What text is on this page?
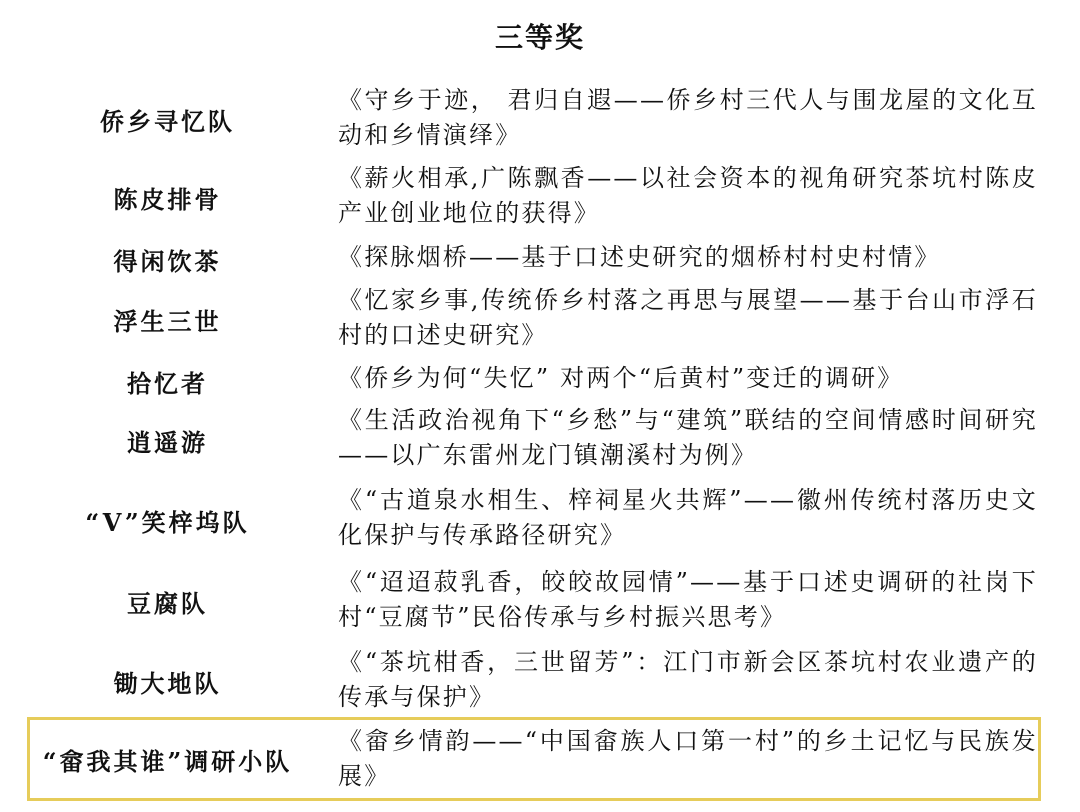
三等奖
侨乡寻忆队
《守乡于迹， 君归自遐——侨乡村三代人与围龙屋的文化互动和乡情演绎》
陈皮排骨
《薪火相承,广陈飘香——以社会资本的视角研究茶坑村陈皮产业创业地位的获得》
得闲饮茶	《探脉烟桥——基于口述史研究的烟桥村村史村情》
浮生三世
《忆家乡事,传统侨乡村落之再思与展望——基于台山市浮石村的口述史研究》
拾忆者	《侨乡为何“失忆” 对两个“后黄村”变迁的调研》
逍遥游
《生活政治视角下“乡愁”与“建筑”联结的空间情感时间研究——以广东雷州龙门镇潮溪村为例》
“V”笑梓坞队
《“古道泉水相生、梓祠星火共辉”——徽州传统村落历史文化保护与传承路径研究》
豆腐队
《“迢迢菽乳香，皎皎故园情”——基于口述史调研的社岗下村“豆腐节”民俗传承与乡村振兴思考》
锄大地队
《“茶坑柑香，三世留芳”：江门市新会区茶坑村农业遗产的传承与保护》
“畲我其谁”调研小队
《畲乡情韵——“中国畲族人口第一村”的乡土记忆与民族发展》
